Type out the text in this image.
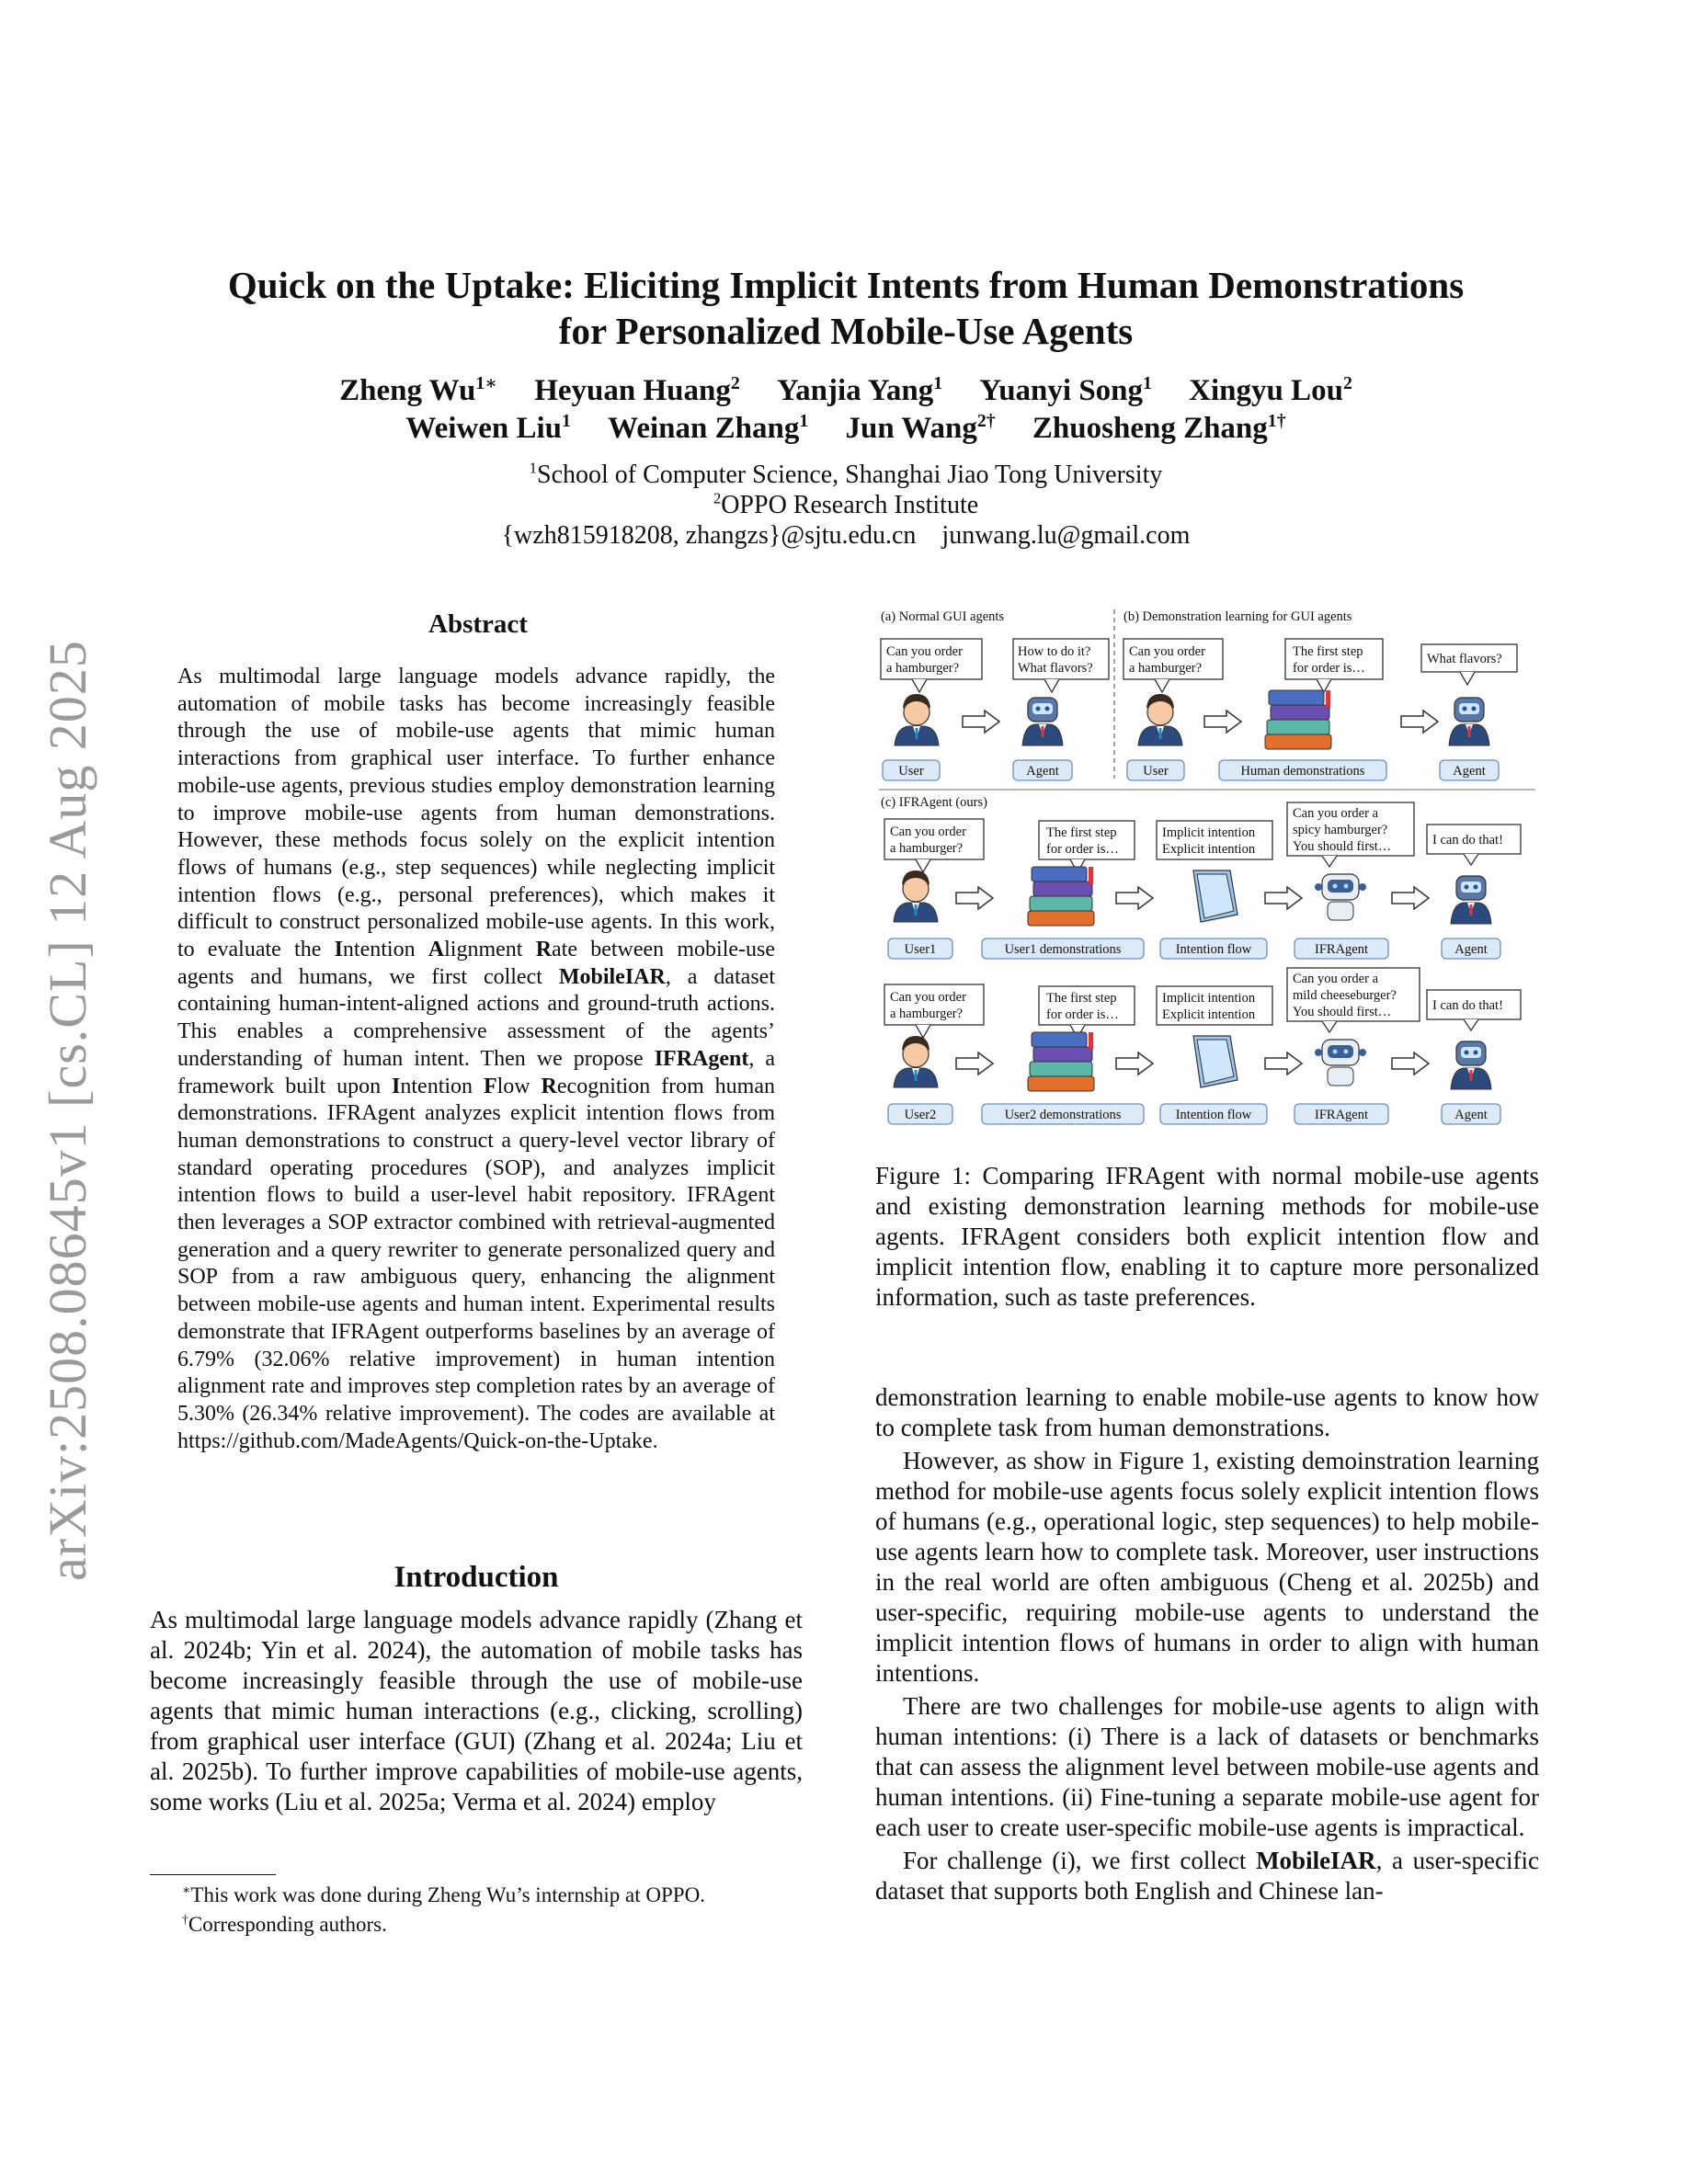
arXiv:2508.08645v1 [cs.CL] 12 Aug 2025
Quick on the Uptake: Eliciting Implicit Intents from Human Demonstrations
for Personalized Mobile-Use Agents
Zheng $Wu^{1∗}$ Heyuan Huang$^2$ Yanjia Yang$^1$ Yuanyi Song$^1$ Xingyu Lou$^2$
Weiwen Liu$^1$ Weinan Zhang$^1$ Jun Wang$^{2\dagger}$ Zhuosheng Zhang$^{1\dagger}$
$^1$School of Computer Science, Shanghai Jiao Tong University
$^2$OPPO Research Institute
{wzh815918208, zhangzs}@sjtu.edu.cn junwang.lu@gmail.com
Abstract
As multimodal large language models advance rapidly, the automation of mobile tasks has become increasingly feasible through the use of mobile-use agents that mimic human interactions from graphical user interface. To further enhance mobile-use agents, previous studies employ demonstration learning to improve mobile-use agents from human demonstrations. However, these methods focus solely on the explicit intention flows of humans (e.g., step sequences) while neglecting implicit intention flows (e.g., personal preferences), which makes it difficult to construct personalized mobile-use agents. In this work, to evaluate the Intention Alignment Rate between mobile-use agents and humans, we first collect MobileIAR, a dataset containing human-intent-aligned actions and ground-truth actions. This enables a comprehensive assessment of the agents’ understanding of human intent. Then we propose IFRAgent, a framework built upon Intention Flow Recognition from human demonstrations. IFRAgent analyzes explicit intention flows from human demonstrations to construct a query-level vector library of standard operating procedures (SOP), and analyzes implicit intention flows to build a user-level habit repository. IFRAgent then leverages a SOP extractor combined with retrieval-augmented generation and a query rewriter to generate personalized query and SOP from a raw ambiguous query, enhancing the alignment between mobile-use agents and human intent. Experimental results demonstrate that IFRAgent outperforms baselines by an average of 6.79% (32.06% relative improvement) in human intention alignment rate and improves step completion rates by an average of 5.30% (26.34% relative improvement). The codes are available at https://github.com/MadeAgents/Quick-on-the-Uptake.
Introduction
As multimodal large language models advance rapidly (Zhang et al. 2024b; Yin et al. 2024), the automation of mobile tasks has become increasingly feasible through the use of mobile-use agents that mimic human interactions (e.g., clicking, scrolling) from graphical user interface (GUI) (Zhang et al. 2024a; Liu et al. 2025b). To further improve capabilities of mobile-use agents, some works (Liu et al. 2025a; Verma et al. 2024) employ
∗This work was done during Zheng Wu’s internship at OPPO.
†Corresponding authors.
(a) Normal GUI agents	(b) Demonstration learning for GUI agents
Can you order
a hamburger?
How to do it?
What flavors?
User	Agent
Can you order
a hamburger?
The first step
for order is…
What flavors?
User	Human demonstrations	Agent
(c) IFRAgent (ours)
Can you order
a hamburger?
The first step
for order is…
Implicit intention
Explicit intention
Can you order a
spicy hamburger?
You should first…	I can do that!
User1	User1 demonstrations	Intention flow	IFRAgent	Agent
Can you order
a hamburger?
The first step
for order is…
Implicit intention
Explicit intention
Can you order a
mild cheeseburger?
You should first…	I can do that!
User2	User2 demonstrations	Intention flow	IFRAgent	Agent
Figure 1: Comparing IFRAgent with normal mobile-use agents and existing demonstration learning methods for mobile-use agents. IFRAgent considers both explicit intention flow and implicit intention flow, enabling it to capture more personalized information, such as taste preferences.

demonstration learning to enable mobile-use agents to know how to complete task from human demonstrations.

However, as show in Figure 1, existing demoinstration learning method for mobile-use agents focus solely explicit intention flows of humans (e.g., operational logic, step sequences) to help mobile-use agents learn how to complete task. Moreover, user instructions in the real world are often ambiguous (Cheng et al. 2025b) and user-specific, requiring mobile-use agents to understand the implicit intention flows of humans in order to align with human intentions.

There are two challenges for mobile-use agents to align with human intentions: (i) There is a lack of datasets or benchmarks that can assess the alignment level between mobile-use agents and human intentions. (ii) Fine-tuning a separate mobile-use agent for each user to create user-specific mobile-use agents is impractical.

For challenge (i), we first collect MobileIAR, a user-specific dataset that supports both English and Chinese lan-
